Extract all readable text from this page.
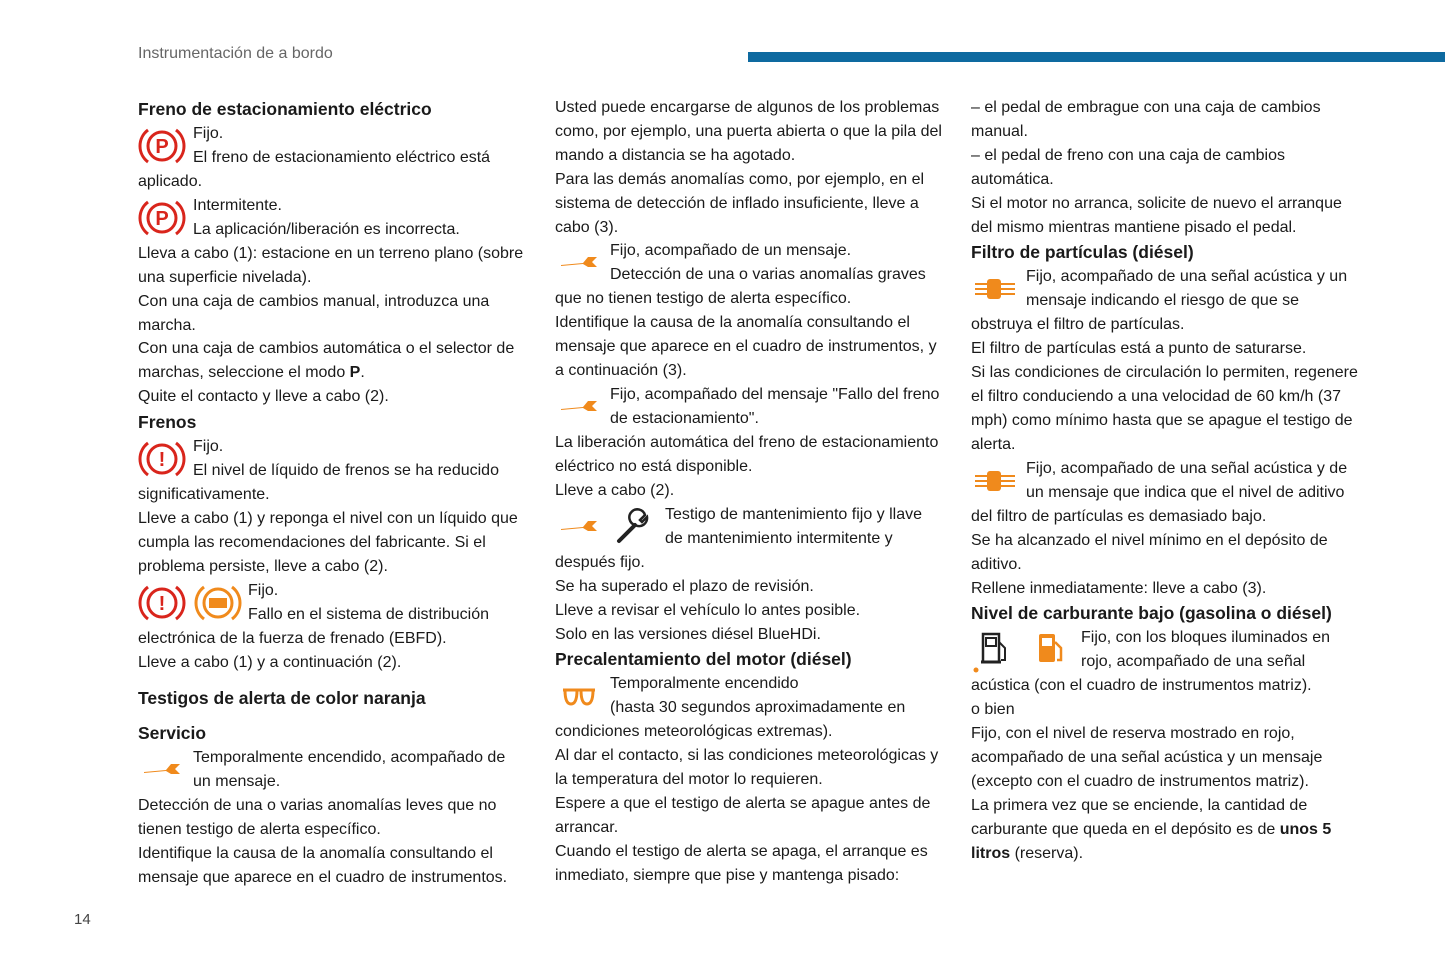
Instrumentación de a bordo
Freno de estacionamiento eléctrico
P

Fijo.

El freno de estacionamiento eléctrico está

aplicado.

P

Intermitente.

La aplicación/liberación es incorrecta.

Lleva a cabo (1): estacione en un terreno plano (sobre una superficie nivelada).

Con una caja de cambios manual, introduzca una marcha.

Con una caja de cambios automática o el selector de marchas, seleccione el modo P.

Quite el contacto y lleve a cabo (2).

Frenos
!

Fijo.

El nivel de líquido de frenos se ha reducido

significativamente.

Lleve a cabo (1) y reponga el nivel con un líquido que cumpla las recomendaciones del fabricante. Si el problema persiste, lleve a cabo (2).

!

Fijo.

Fallo en el sistema de distribución

electrónica de la fuerza de frenado (EBFD).

Lleve a cabo (1) y a continuación (2).

Testigos de alerta de color naranja
Servicio

Temporalmente encendido, acompañado de

un mensaje.

Detección de una o varias anomalías leves que no tienen testigo de alerta específico.

Identifique la causa de la anomalía consultando el mensaje que aparece en el cuadro de instrumentos.

Usted puede encargarse de algunos de los problemas como, por ejemplo, una puerta abierta o que la pila del mando a distancia se ha agotado.

Para las demás anomalías como, por ejemplo, en el sistema de detección de inflado insuficiente, lleve a cabo (3).

Fijo, acompañado de un mensaje.

Detección de una o varias anomalías graves

que no tienen testigo de alerta específico.

Identifique la causa de la anomalía consultando el mensaje que aparece en el cuadro de instrumentos, y a continuación (3).

Fijo, acompañado del mensaje "Fallo del freno

de estacionamiento".

La liberación automática del freno de estacionamiento eléctrico no está disponible.

Lleve a cabo (2).

Testigo de mantenimiento fijo y llave

de mantenimiento intermitente y

después fijo.

Se ha superado el plazo de revisión.

Lleve a revisar el vehículo lo antes posible.

Solo en las versiones diésel BlueHDi.

Precalentamiento del motor (diésel)

Temporalmente encendido

(hasta 30 segundos aproximadamente en

condiciones meteorológicas extremas).

Al dar el contacto, si las condiciones meteorológicas y la temperatura del motor lo requieren.

Espere a que el testigo de alerta se apague antes de arrancar.

Cuando el testigo de alerta se apaga, el arranque es inmediato, siempre que pise y mantenga pisado:

– el pedal de embrague con una caja de cambios manual.

– el pedal de freno con una caja de cambios automática.

Si el motor no arranca, solicite de nuevo el arranque del mismo mientras mantiene pisado el pedal.

Filtro de partículas (diésel)

Fijo, acompañado de una señal acústica y un

mensaje indicando el riesgo de que se

obstruya el filtro de partículas.

El filtro de partículas está a punto de saturarse.

Si las condiciones de circulación lo permiten, regenere el filtro conduciendo a una velocidad de 60 km/h (37 mph) como mínimo hasta que se apague el testigo de alerta.

Fijo, acompañado de una señal acústica y de

un mensaje que indica que el nivel de aditivo

del filtro de partículas es demasiado bajo.

Se ha alcanzado el nivel mínimo en el depósito de aditivo.

Rellene inmediatamente: lleve a cabo (3).

Nivel de carburante bajo (gasolina o diésel)

Fijo, con los bloques iluminados en

rojo, acompañado de una señal

acústica (con el cuadro de instrumentos matriz).

o bien

Fijo, con el nivel de reserva mostrado en rojo, acompañado de una señal acústica y un mensaje (excepto con el cuadro de instrumentos matriz).

La primera vez que se enciende, la cantidad de carburante que queda en el depósito es de unos 5 litros (reserva).

14
